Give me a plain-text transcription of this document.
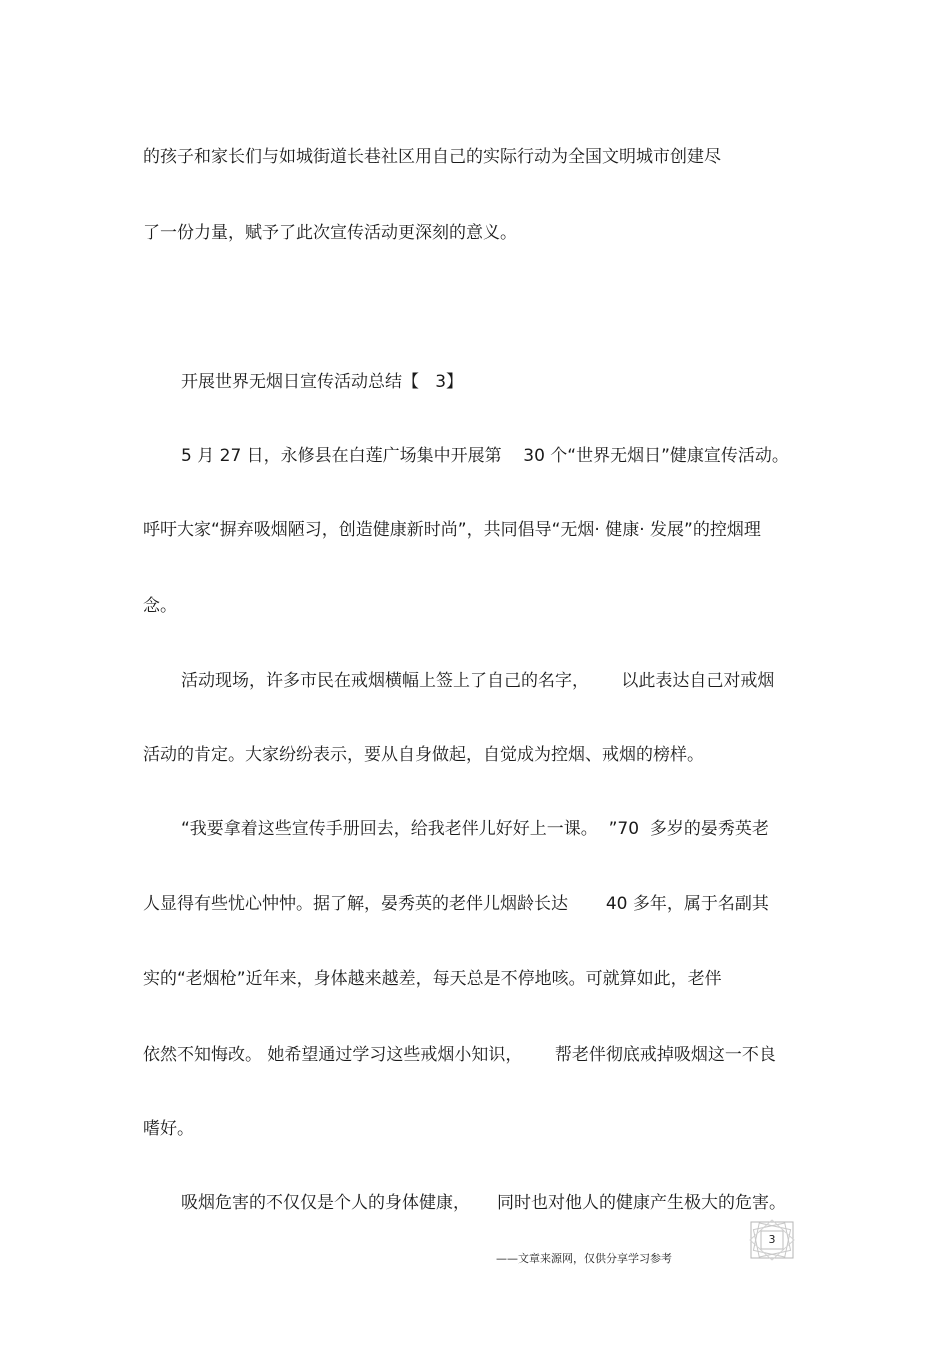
的孩子和家长们与如城街道长巷社区用自己的实际行动为全国文明城市创建尽
了一份力量，赋予了此次宣传活动更深刻的意义。
开展世界无烟日宣传活动总结【   3】
5 月 27 日，永修县在白莲广场集中开展第    30 个“世界无烟日”健康宣传活动。
呼吁大家“摒弃吸烟陋习，创造健康新时尚”，共同倡导“无烟· 健康· 发展”的控烟理
念。
活动现场，许多市民在戒烟横幅上签上了自己的名字，      以此表达自己对戒烟
活动的肯定。大家纷纷表示，要从自身做起，自觉成为控烟、戒烟的榜样。
“我要拿着这些宣传手册回去，给我老伴儿好好上一课。  ”70  多岁的晏秀英老
人显得有些忧心忡忡。据了解，晏秀英的老伴儿烟龄长达       40 多年，属于名副其
实的“老烟枪”近年来，身体越来越差，每天总是不停地咳。可就算如此，老伴
依然不知悔改。 她希望通过学习这些戒烟小知识，      帮老伴彻底戒掉吸烟这一不良
嗜好。
吸烟危害的不仅仅是个人的身体健康，     同时也对他人的健康产生极大的危害。
3
——文章来源网，仅供分享学习参考
